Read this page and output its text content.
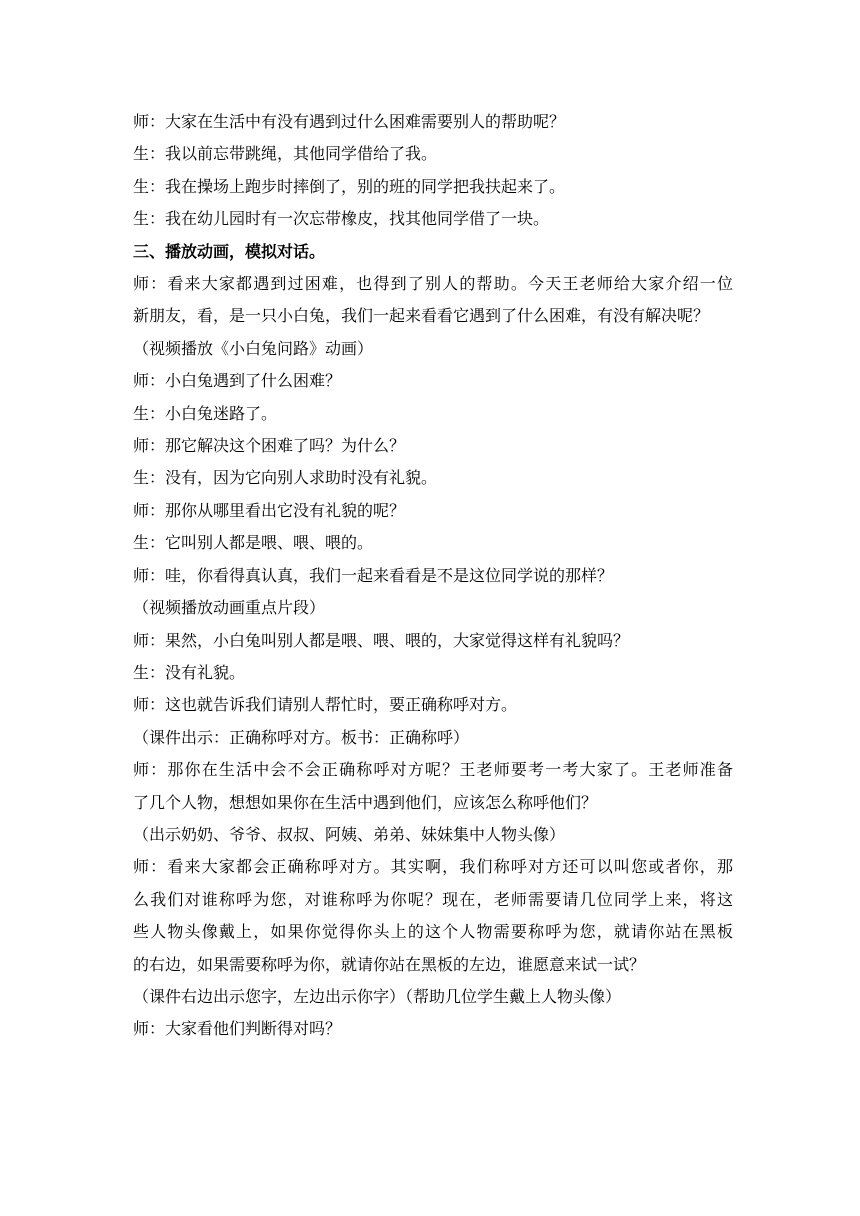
师：大家在生活中有没有遇到过什么困难需要别人的帮助呢？
生：我以前忘带跳绳，其他同学借给了我。
生：我在操场上跑步时摔倒了，别的班的同学把我扶起来了。
生：我在幼儿园时有一次忘带橡皮，找其他同学借了一块。
三、播放动画，模拟对话。
师：看来大家都遇到过困难，也得到了别人的帮助。今天王老师给大家介绍一位
新朋友，看，是一只小白兔，我们一起来看看它遇到了什么困难，有没有解决呢？
（视频播放《小白兔问路》动画）
师：小白兔遇到了什么困难？
生：小白兔迷路了。
师：那它解决这个困难了吗？为什么？
生：没有，因为它向别人求助时没有礼貌。
师：那你从哪里看出它没有礼貌的呢？
生：它叫别人都是喂、喂、喂的。
师：哇，你看得真认真，我们一起来看看是不是这位同学说的那样？
（视频播放动画重点片段）
师：果然，小白兔叫别人都是喂、喂、喂的，大家觉得这样有礼貌吗？
生：没有礼貌。
师：这也就告诉我们请别人帮忙时，要正确称呼对方。
（课件出示：正确称呼对方。板书：正确称呼）
师：那你在生活中会不会正确称呼对方呢？王老师要考一考大家了。王老师准备
了几个人物，想想如果你在生活中遇到他们，应该怎么称呼他们？
（出示奶奶、爷爷、叔叔、阿姨、弟弟、妹妹集中人物头像）
师：看来大家都会正确称呼对方。其实啊，我们称呼对方还可以叫您或者你，那
么我们对谁称呼为您，对谁称呼为你呢？现在，老师需要请几位同学上来，将这
些人物头像戴上，如果你觉得你头上的这个人物需要称呼为您，就请你站在黑板
的右边，如果需要称呼为你，就请你站在黑板的左边，谁愿意来试一试？
（课件右边出示您字，左边出示你字）（帮助几位学生戴上人物头像）
师：大家看他们判断得对吗？
